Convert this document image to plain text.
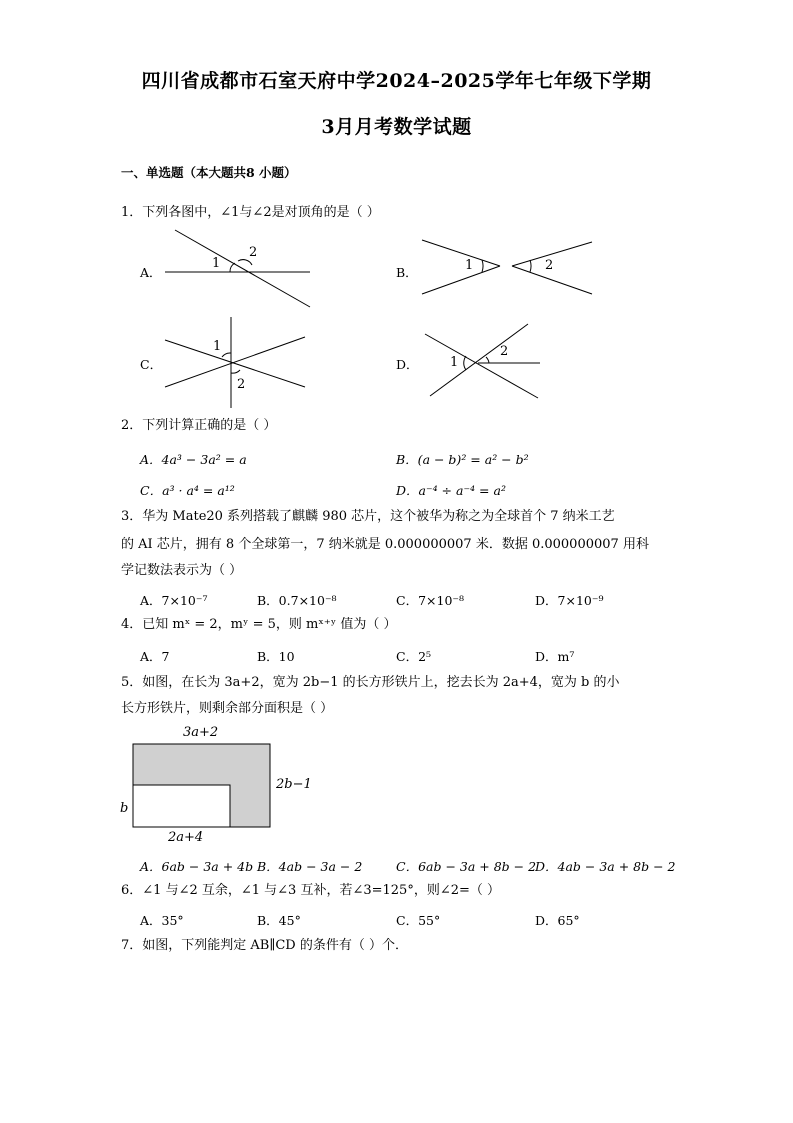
四川省成都市石室天府中学2024–2025学年七年级下学期
3月月考数学试题
一、单选题（本大题共8 小题）
1．下列各图中，∠1与∠2是对顶角的是（ ）
A．
1
2
B．	1	2
C．
1
2
D． 1
2
2．下列计算正确的是（ ）
A．4a³ − 3a² = a	B．(a − b)² = a² − b²
C．a³ · a⁴ = a¹²	D．a⁻⁴ ÷ a⁻⁴ = a²
3．华为 Mate20 系列搭载了麒麟 980 芯片，这个被华为称之为全球首个 7 纳米工艺
的 AI 芯片，拥有 8 个全球第一，7 纳米就是 0.000000007 米．数据 0.000000007 用科
学记数法表示为（ ）
A．7×10⁻⁷	B．0.7×10⁻⁸	C．7×10⁻⁸	D．7×10⁻⁹
4．已知 mˣ = 2，mʸ = 5，则 mˣ⁺ʸ 值为（ ）
A．7	B．10	C．2⁵	D．m⁷
5．如图，在长为 3a+2，宽为 2b−1 的长方形铁片上，挖去长为 2a+4，宽为 b 的小
长方形铁片，则剩余部分面积是（ ）
3a+2
2b−1
b
2a+4
A．6ab − 3a + 4b B．4ab − 3a − 2	C．6ab − 3a + 8b − 2
D．4ab − 3a + 8b − 2
6．∠1 与∠2 互余，∠1 与∠3 互补，若∠3=125°，则∠2=（ ）
A．35°	B．45°	C．55°	D．65°
7．如图，下列能判定 AB∥CD 的条件有（ ）个．
